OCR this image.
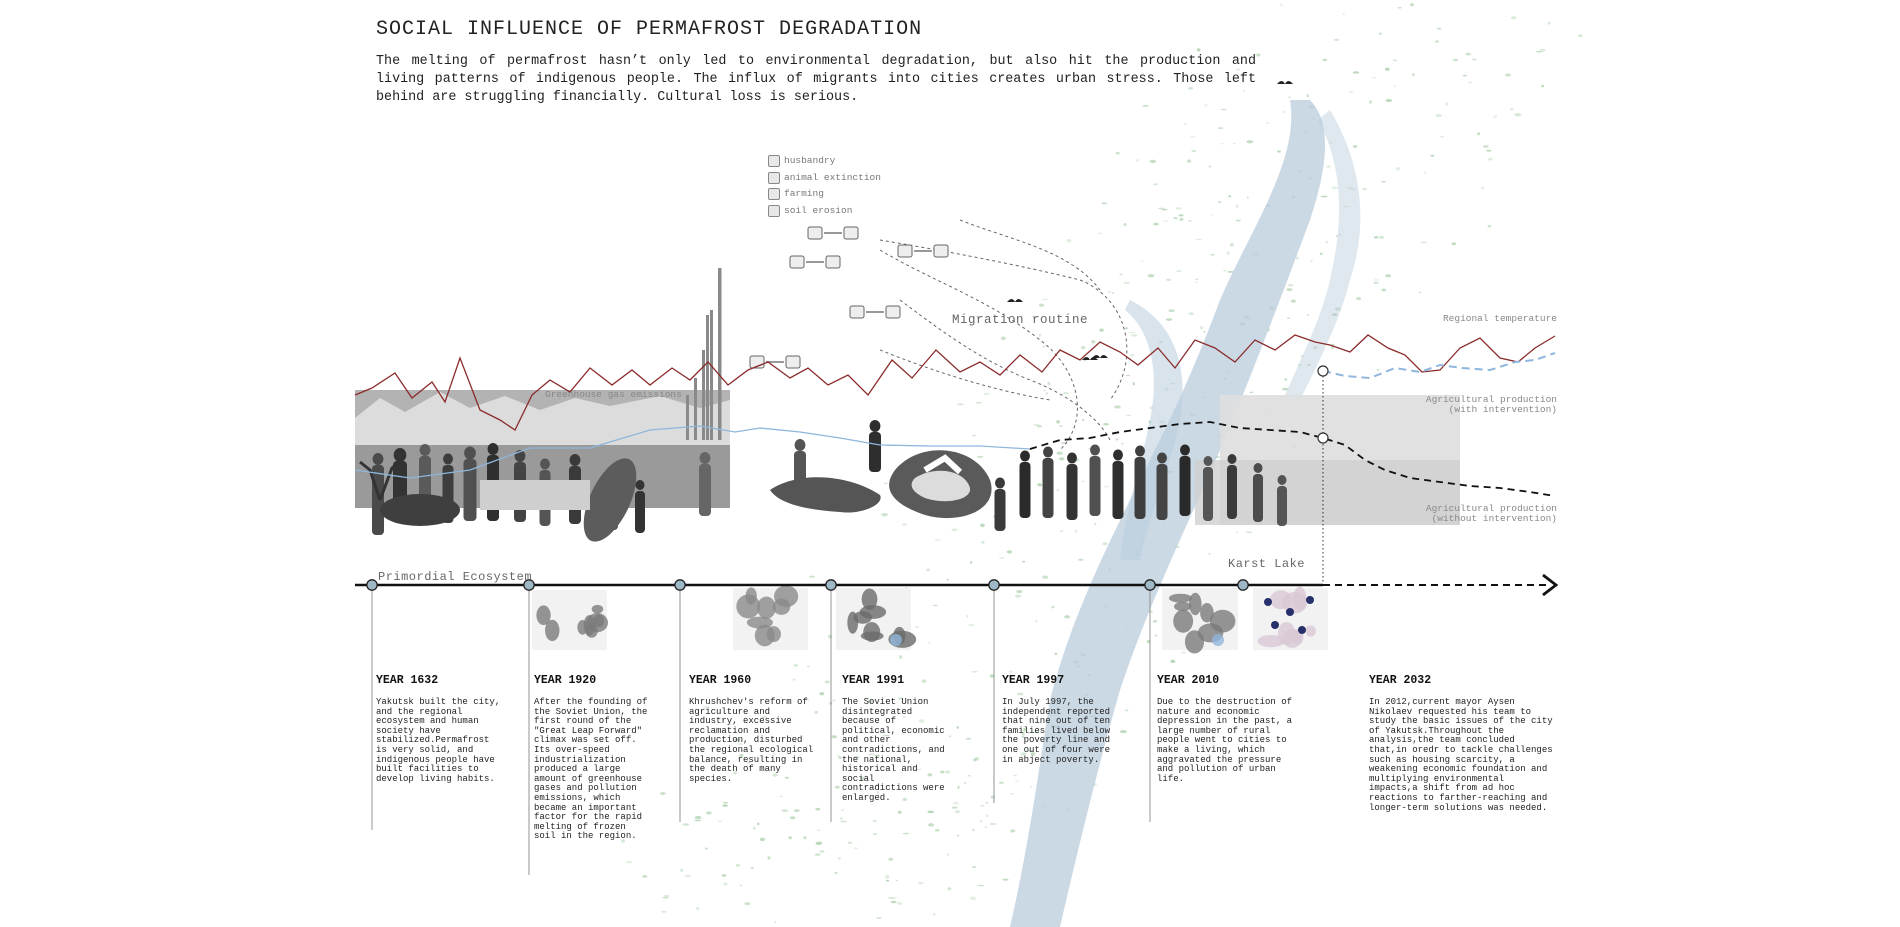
SOCIAL INFLUENCE OF PERMAFROST DEGRADATION

The melting of permafrost hasn’t only led to environmental degradation, but also hit the production and living patterns of indigenous people. The influx of migrants into cities creates urban stress. Those left behind are struggling financially. Cultural loss is serious.

husbandry
animal extinction
farming
soil erosion
Greenhouse gas emissions
Migration routine	Regional temperature
Agricultural production
(with intervention)
Agricultural production
(without intervention)
Primordial Ecosystem
Karst Lake
YEAR 1632

Yakutsk built the city, and the regional ecosystem and human society have stabilized.Permafrost is very solid, and indigenous people have built facilities to develop living habits.

YEAR 1920

After the founding of the Soviet Union, the first round of the "Great Leap Forward" climax was set off. Its over-speed industrialization produced a large amount of greenhouse gases and pollution emissions, which became an important factor for the rapid melting of frozen soil in the region.

YEAR 1960

Khrushchev's reform of agriculture and industry, excessive reclamation and production, disturbed the regional ecological balance, resulting in the death of many species.

YEAR 1991

The Soviet Union disintegrated because of political, economic and other contradictions, and the national, historical and social contradictions were enlarged.

YEAR 1997

In July 1997, the independent reported that nine out of ten families lived below the poverty line and one out of four were in abject poverty.

YEAR 2010

Due to the destruction of nature and economic depression in the past, a large number of rural people went to cities to make a living, which aggravated the pressure and pollution of urban life.

YEAR 2032

In 2012,current mayor Aysen Nikolaev requested his team to study the basic issues of the city of Yakutsk.Throughout the analysis,the team concluded that,in oredr to tackle challenges such as housing scarcity, a weakening economic foundation and multiplying environmental impacts,a shift from ad hoc reactions to farther-reaching and longer-term solutions was needed.
